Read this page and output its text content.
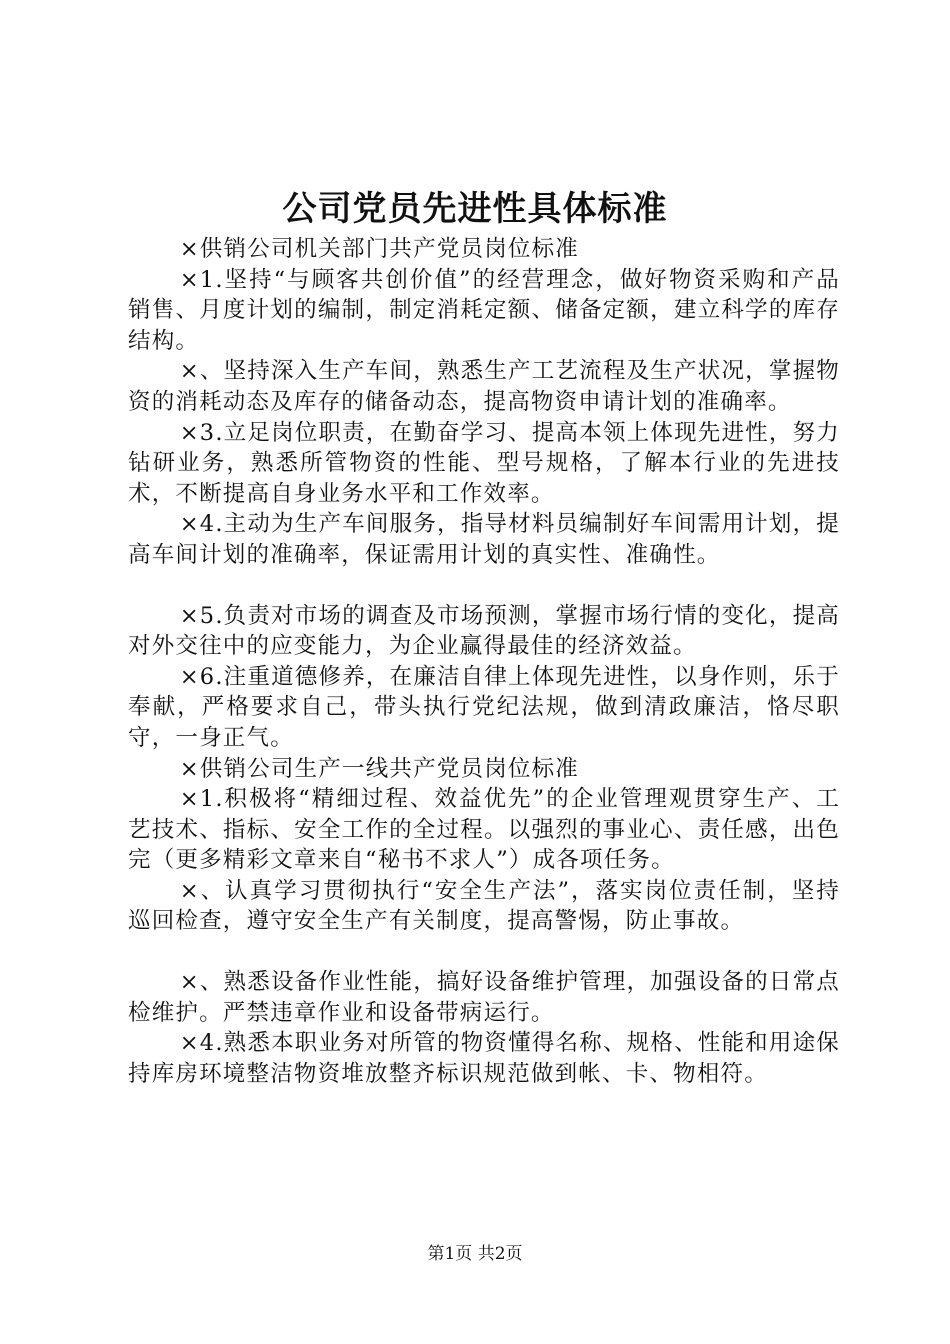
公司党员先进性具体标准

×供销公司机关部门共产党员岗位标准

×1.坚持“与顾客共创价值”的经营理念，做好物资采购和产品销售、月度计划的编制，制定消耗定额、储备定额，建立科学的库存结构。

×、坚持深入生产车间，熟悉生产工艺流程及生产状况，掌握物资的消耗动态及库存的储备动态，提高物资申请计划的准确率。

×3.立足岗位职责，在勤奋学习、提高本领上体现先进性，努力钻研业务，熟悉所管物资的性能、型号规格，了解本行业的先进技术，不断提高自身业务水平和工作效率。

×4.主动为生产车间服务，指导材料员编制好车间需用计划，提高车间计划的准确率，保证需用计划的真实性、准确性。

×5.负责对市场的调查及市场预测，掌握市场行情的变化，提高对外交往中的应变能力，为企业赢得最佳的经济效益。

×6.注重道德修养，在廉洁自律上体现先进性，以身作则，乐于奉献，严格要求自己，带头执行党纪法规，做到清政廉洁，恪尽职守，一身正气。

×供销公司生产一线共产党员岗位标准

×1.积极将“精细过程、效益优先”的企业管理观贯穿生产、工艺技术、指标、安全工作的全过程。以强烈的事业心、责任感，出色完（更多精彩文章来自“秘书不求人”）成各项任务。

×、认真学习贯彻执行“安全生产法”，落实岗位责任制，坚持巡回检查，遵守安全生产有关制度，提高警惕，防止事故。

×、熟悉设备作业性能，搞好设备维护管理，加强设备的日常点检维护。严禁违章作业和设备带病运行。

×4.熟悉本职业务对所管的物资懂得名称、规格、性能和用途保持库房环境整洁物资堆放整齐标识规范做到帐、卡、物相符。

第1页 共2页
